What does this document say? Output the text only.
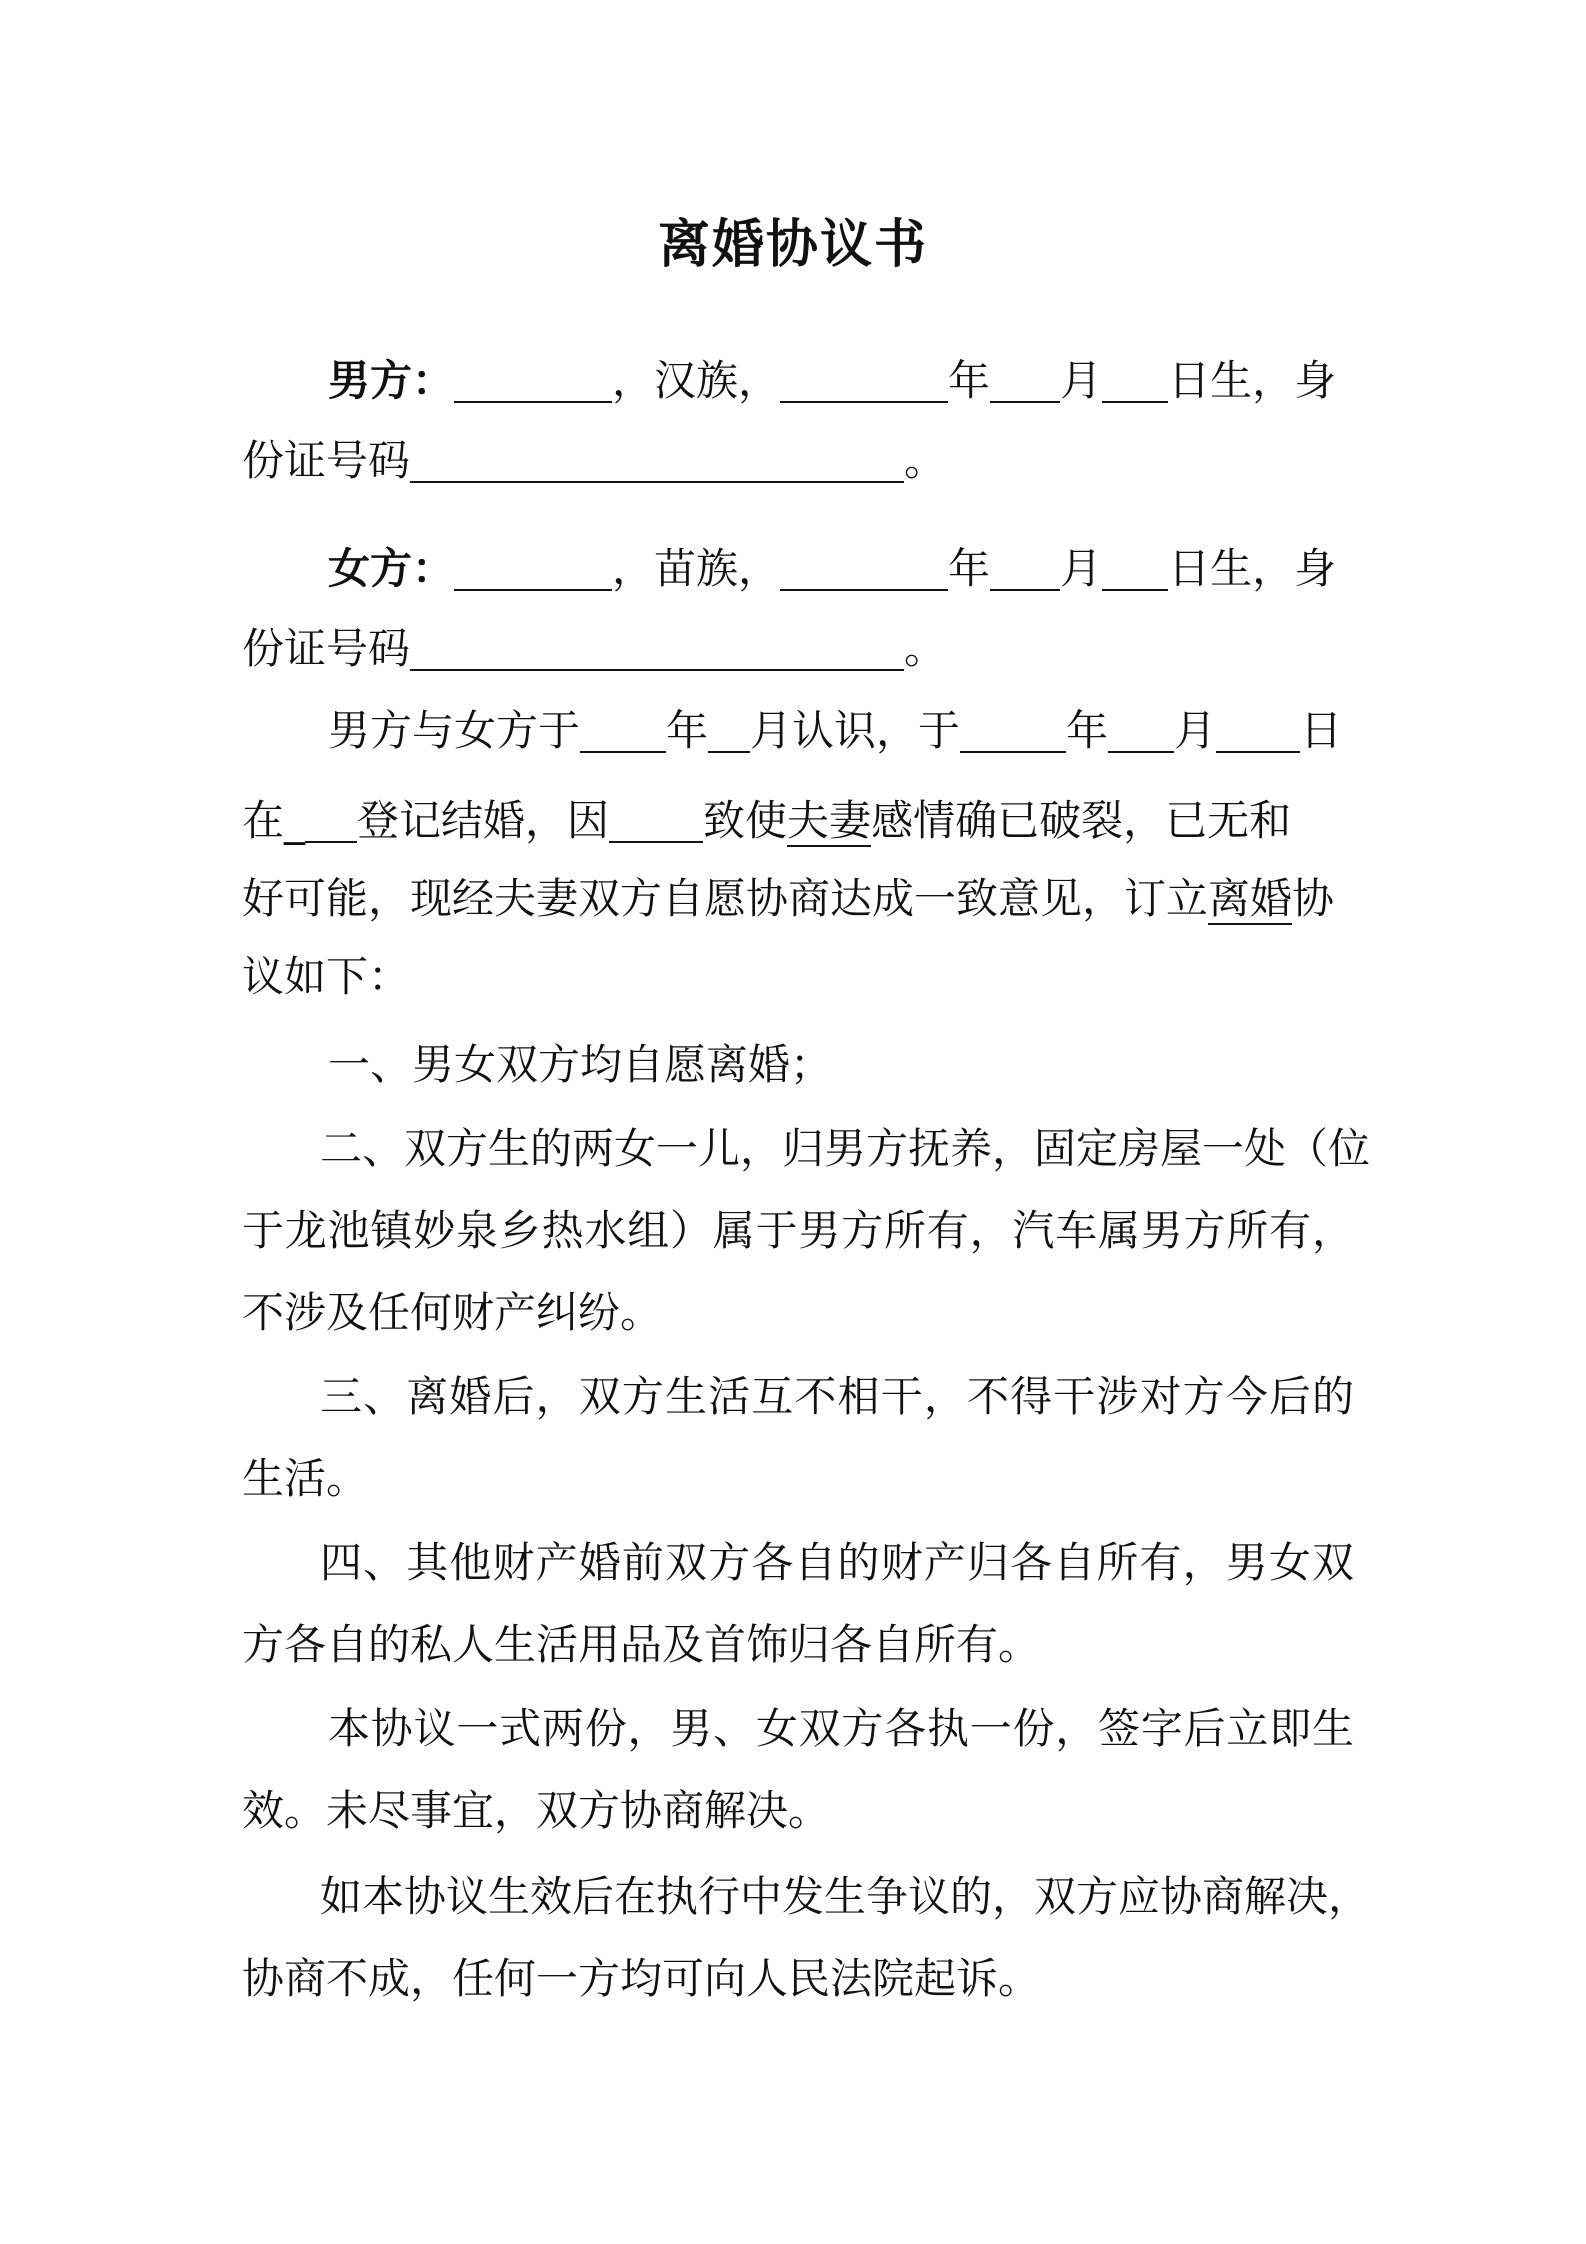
离婚协议书
男方：	，汉族，	年 月 日生，身
份证号码	。
女方：	，苗族，	年 月 日生，身
份证号码	。
男方与女方于 年 月认识，于	年 月 日
在_ 登记结婚，因 致使夫妻感情确已破裂，已无和
好可能，现经夫妻双方自愿协商达成一致意见，订立离婚协
议如下：
一、男女双方均自愿离婚；
二、双方生的两女一儿，归男方抚养，固定房屋一处（位
于龙池镇妙泉乡热水组）属于男方所有，汽车属男方所有，
不涉及任何财产纠纷。
三、离婚后，双方生活互不相干，不得干涉对方今后的
生活。
四、其他财产婚前双方各自的财产归各自所有，男女双
方各自的私人生活用品及首饰归各自所有。
本协议一式两份，男、女双方各执一份，签字后立即生
效。未尽事宜，双方协商解决。
如本协议生效后在执行中发生争议的，双方应协商解决，
协商不成，任何一方均可向人民法院起诉。
